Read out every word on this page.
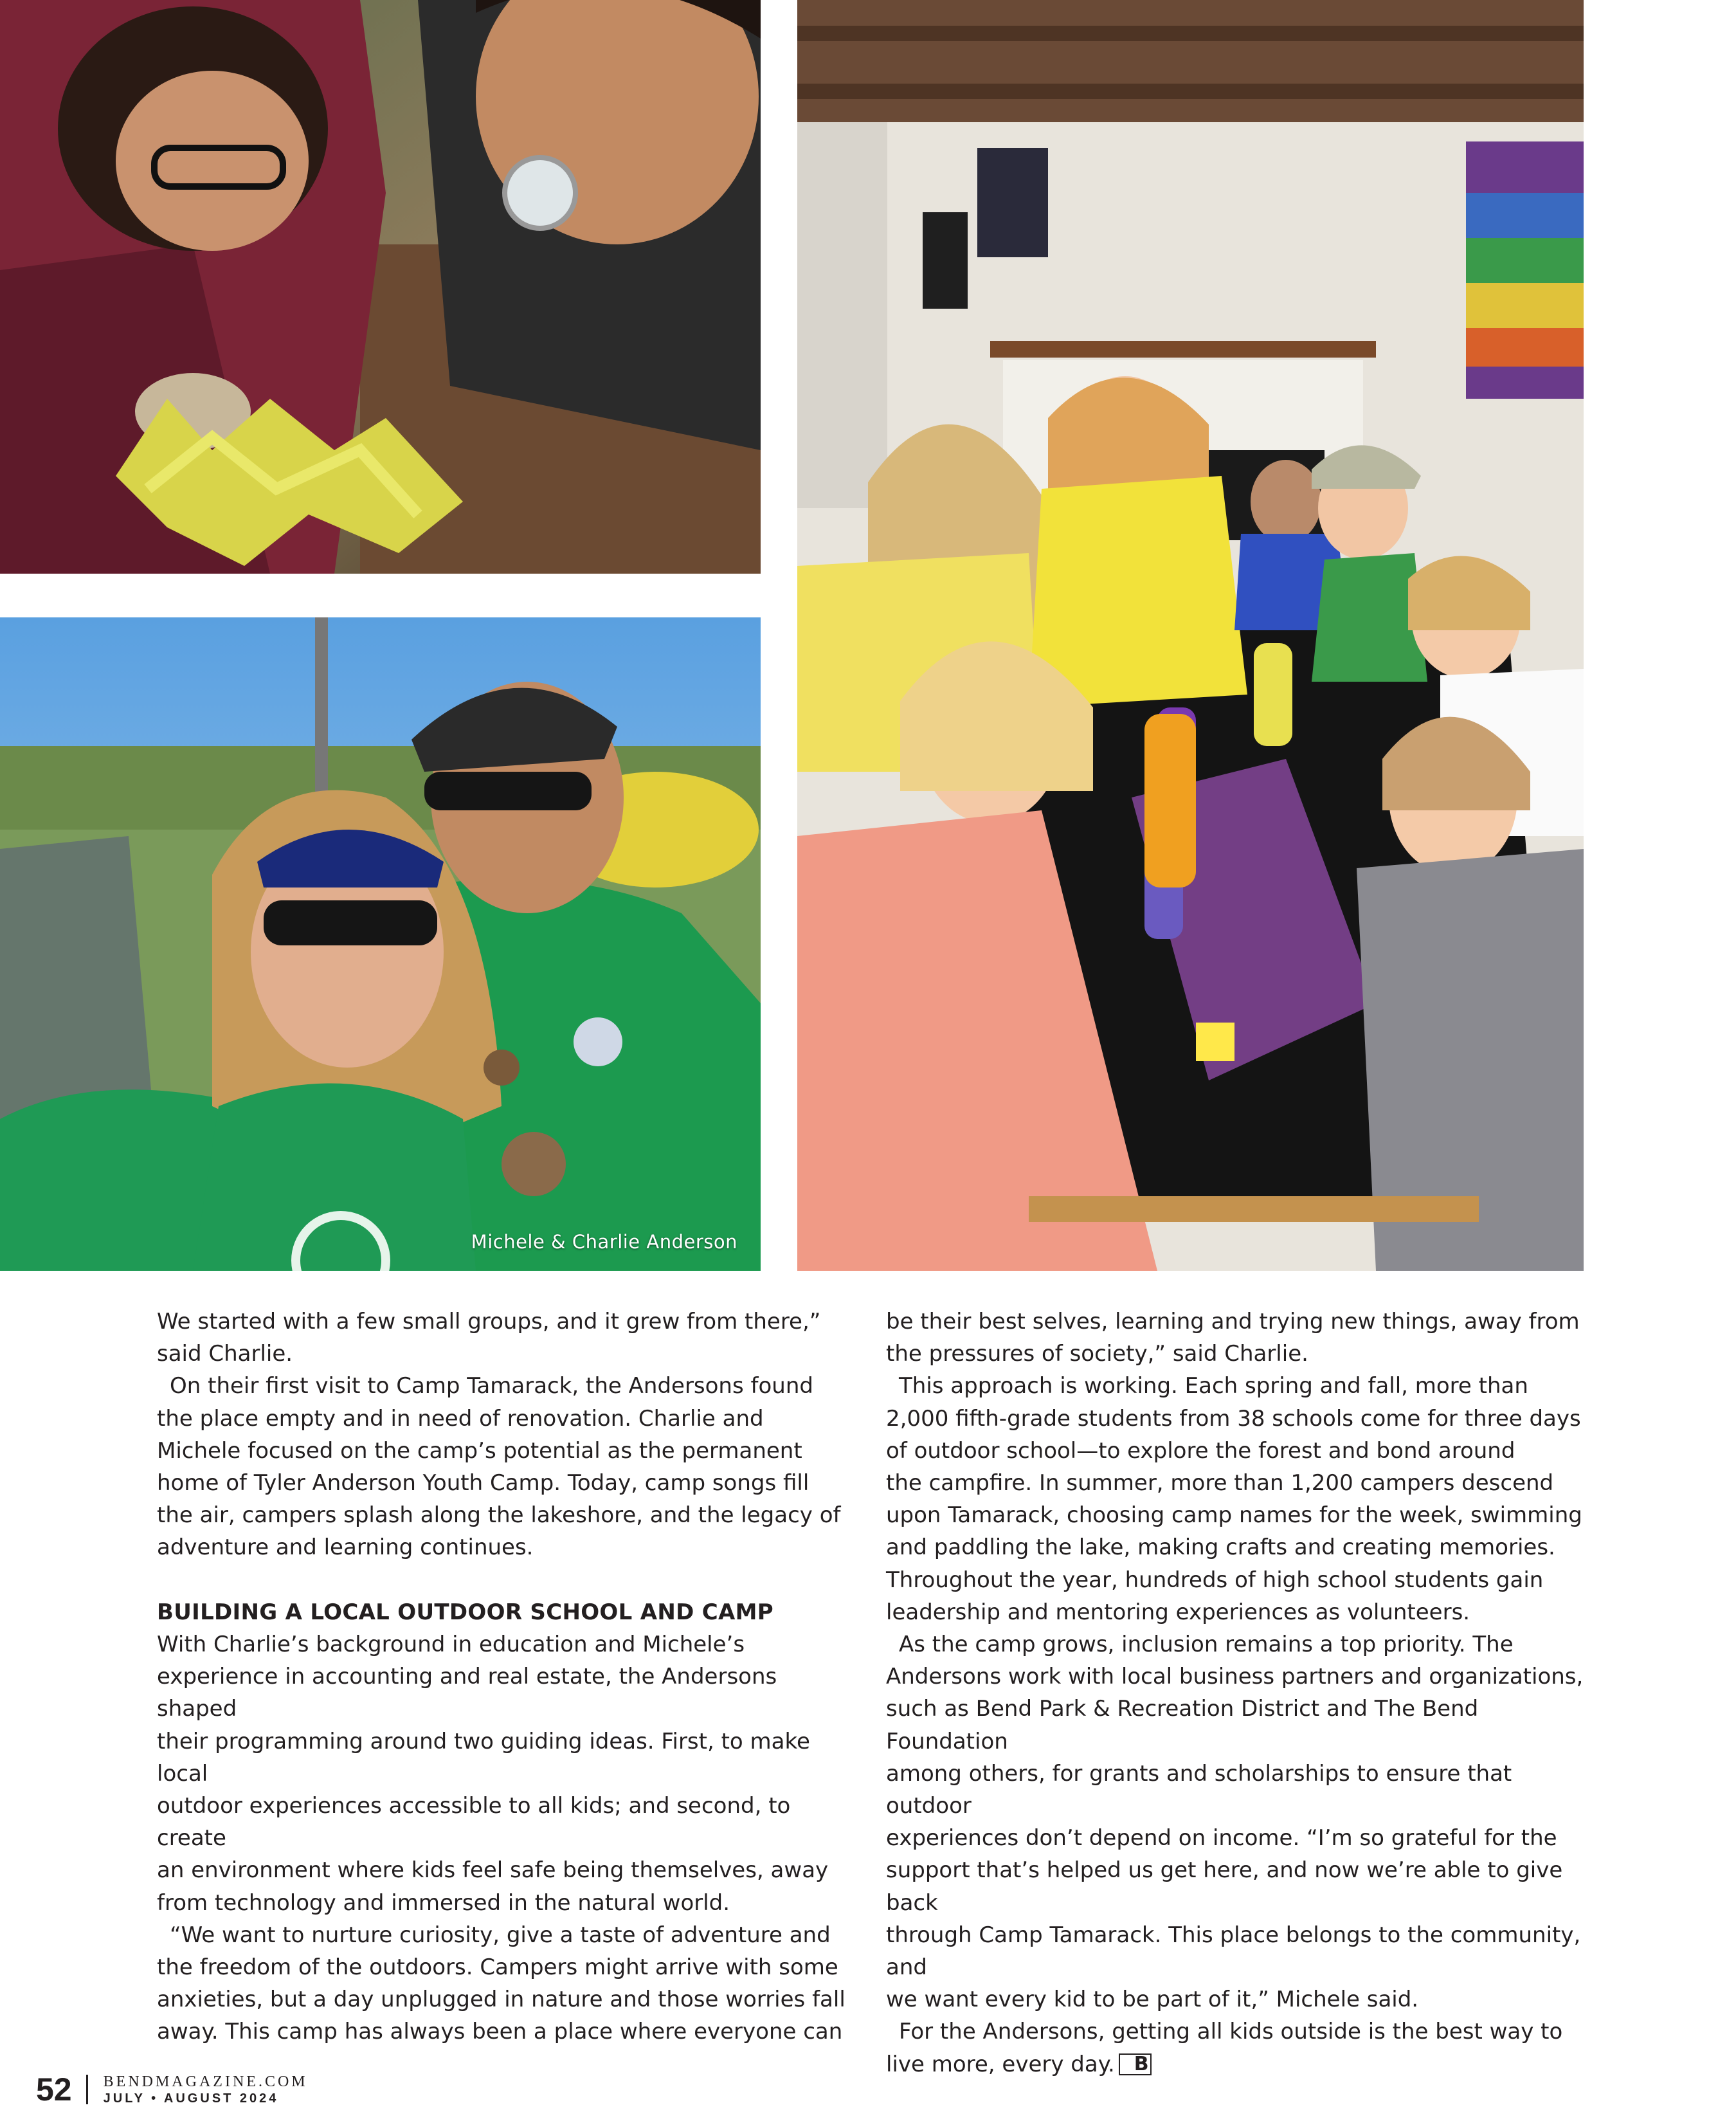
Michele & Charlie Anderson

We started with a few small groups, and it grew from there,”
said Charlie.

On their first visit to Camp Tamarack, the Andersons found
the place empty and in need of renovation. Charlie and
Michele focused on the camp’s potential as the permanent
home of Tyler Anderson Youth Camp. Today, camp songs fill
the air, campers splash along the lakeshore, and the legacy of
adventure and learning continues.

BUILDING A LOCAL OUTDOOR SCHOOL AND CAMP

With Charlie’s background in education and Michele’s
experience in accounting and real estate, the Andersons shaped
their programming around two guiding ideas. First, to make local
outdoor experiences accessible to all kids; and second, to create
an environment where kids feel safe being themselves, away
from technology and immersed in the natural world.

“We want to nurture curiosity, give a taste of adventure and
the freedom of the outdoors. Campers might arrive with some
anxieties, but a day unplugged in nature and those worries fall
away. This camp has always been a place where everyone can

be their best selves, learning and trying new things, away from
the pressures of society,” said Charlie.

This approach is working. Each spring and fall, more than
2,000 fifth-grade students from 38 schools come for three days
of outdoor school—to explore the forest and bond around
the campfire. In summer, more than 1,200 campers descend
upon Tamarack, choosing camp names for the week, swimming
and paddling the lake, making crafts and creating memories.
Throughout the year, hundreds of high school students gain
leadership and mentoring experiences as volunteers.

As the camp grows, inclusion remains a top priority. The
Andersons work with local business partners and organizations,
such as Bend Park & Recreation District and The Bend Foundation
among others, for grants and scholarships to ensure that outdoor
experiences don’t depend on income. “I’m so grateful for the
support that’s helped us get here, and now we’re able to give back
through Camp Tamarack. This place belongs to the community, and
we want every kid to be part of it,” Michele said.

For the Andersons, getting all kids outside is the best way to
live more, every day. B

52 BENDMAGAZINE.COM
JULY • AUGUST 2024
